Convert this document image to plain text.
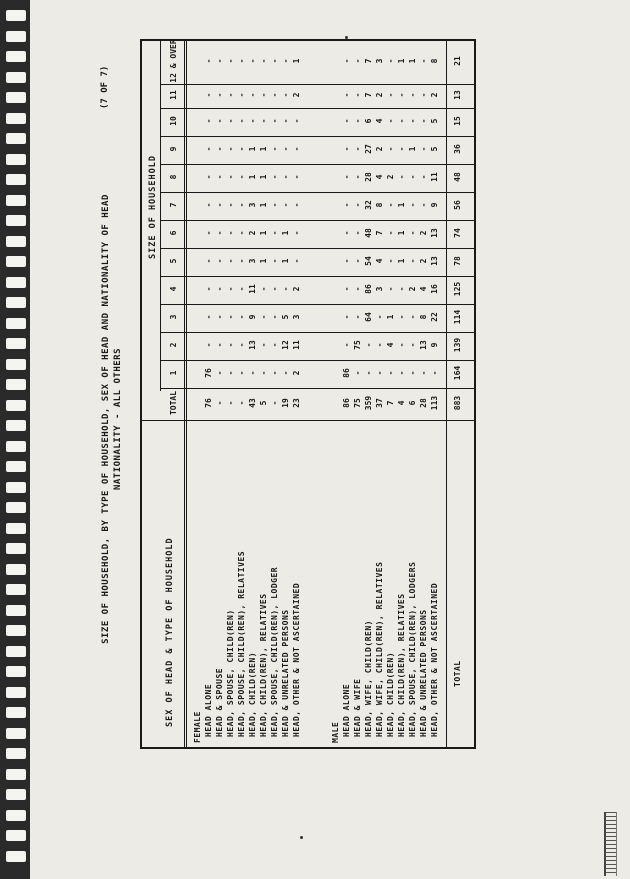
SIZE OF HOUSEHOLD, BY TYPE OF HOUSEHOLD, SEX OF HEAD AND NATIONALITY OF HEAD NATIONALITY - ALL OTHERS
(7 OF 7)
SEX OF HEAD & TYPE OF HOUSEHOLD
SIZE OF HOUSEHOLD
TOTAL
1
2
3
4
5
6
7
8
9
10
11
12 & OVER
FEMALE HEAD ALONE
76
76
-
-
-
-
-
-
-
-
-
-
-
HEAD & SPOUSE
-
-
-
-
-
-
-
-
-
-
-
-
-
HEAD, SPOUSE, CHILD(REN)
-
-
-
-
-
-
-
-
-
-
-
-
-
HEAD, SPOUSE, CHILD(REN), RELATIVES
-
-
-
-
-
-
-
-
-
-
-
-
-
HEAD, CHILD(REN)
43
-
13
9
11
3
2
3
1
1
-
-
-
HEAD, CHILD(REN), RELATIVES
5
-
-
-
-
1
1
1
1
1
-
-
-
HEAD, SPOUSE, CHILD(REN), LODGER
-
-
-
-
-
-
-
-
-
-
-
-
-
HEAD & UNRELATED PERSONS
19
-
12
5
-
1
1
-
-
-
-
-
-
HEAD, OTHER & NOT ASCERTAINED
23
2
11
3
2
-
-
-
-
-
-
2
1
MALE HEAD ALONE
86
86
-
-
-
-
-
-
-
-
-
-
-
HEAD & WIFE
75
-
75
-
-
-
-
-
-
-
-
-
-
HEAD, WIFE, CHILD(REN)
359
-
-
64
86
54
48
32
28
27
6
7
7
HEAD, WIFE, CHILD(REN), RELATIVES
37
-
-
-
3
4
7
8
4
2
4
2
3
HEAD, CHILD(REN)
7
-
4
1
-
-
-
-
2
-
-
-
-
HEAD, CHILD(REN), RELATIVES
4
-
-
-
-
1
1
1
-
-
-
-
1
HEAD, SPOUSE, CHILD(REN), LODGERS
6
-
-
-
2
-
-
-
-
1
-
-
1
HEAD & UNRELATED PERSONS
28
-
13
8
4
2
2
-
-
-
-
-
-
HEAD, OTHER & NOT ASCERTAINED
113
-
9
22
16
13
13
9
11
5
5
2
8
TOTAL
883
164
139
114
125
78
74
56
48
36
15
13
21
